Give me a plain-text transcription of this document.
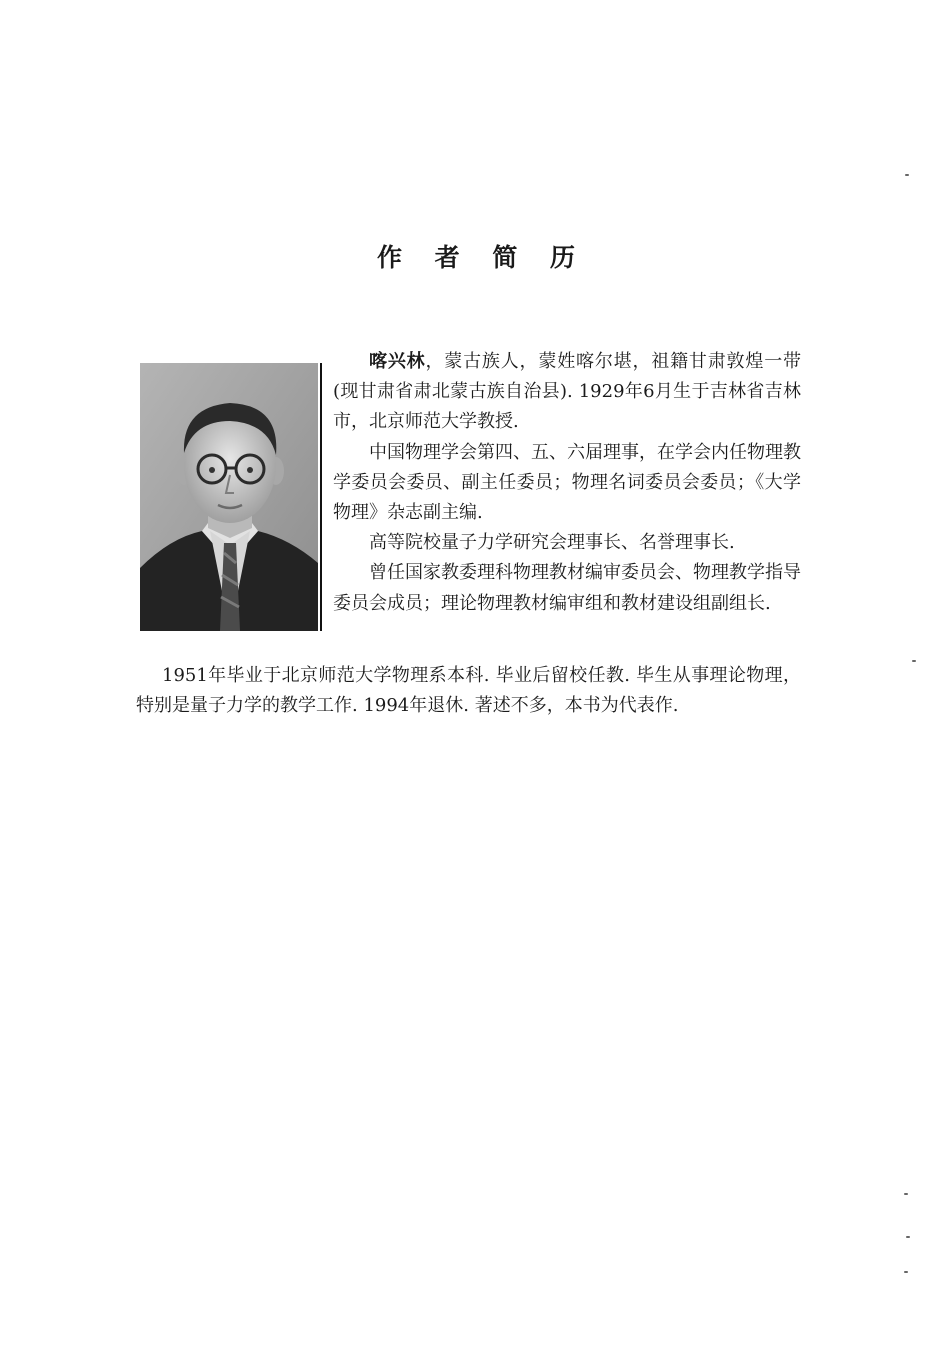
作 者 简 历

喀兴林，蒙古族人，蒙姓喀尔堪，祖籍甘肃敦煌一带(现甘肃省肃北蒙古族自治县). 1929年6月生于吉林省吉林市，北京师范大学教授.

中国物理学会第四、五、六届理事，在学会内任物理教学委员会委员、副主任委员；物理名词委员会委员；《大学物理》杂志副主编.

高等院校量子力学研究会理事长、名誉理事长.

曾任国家教委理科物理教材编审委员会、物理教学指导委员会成员；理论物理教材编审组和教材建设组副组长.

1951年毕业于北京师范大学物理系本科. 毕业后留校任教. 毕生从事理论物理，特别是量子力学的教学工作. 1994年退休. 著述不多，本书为代表作.
